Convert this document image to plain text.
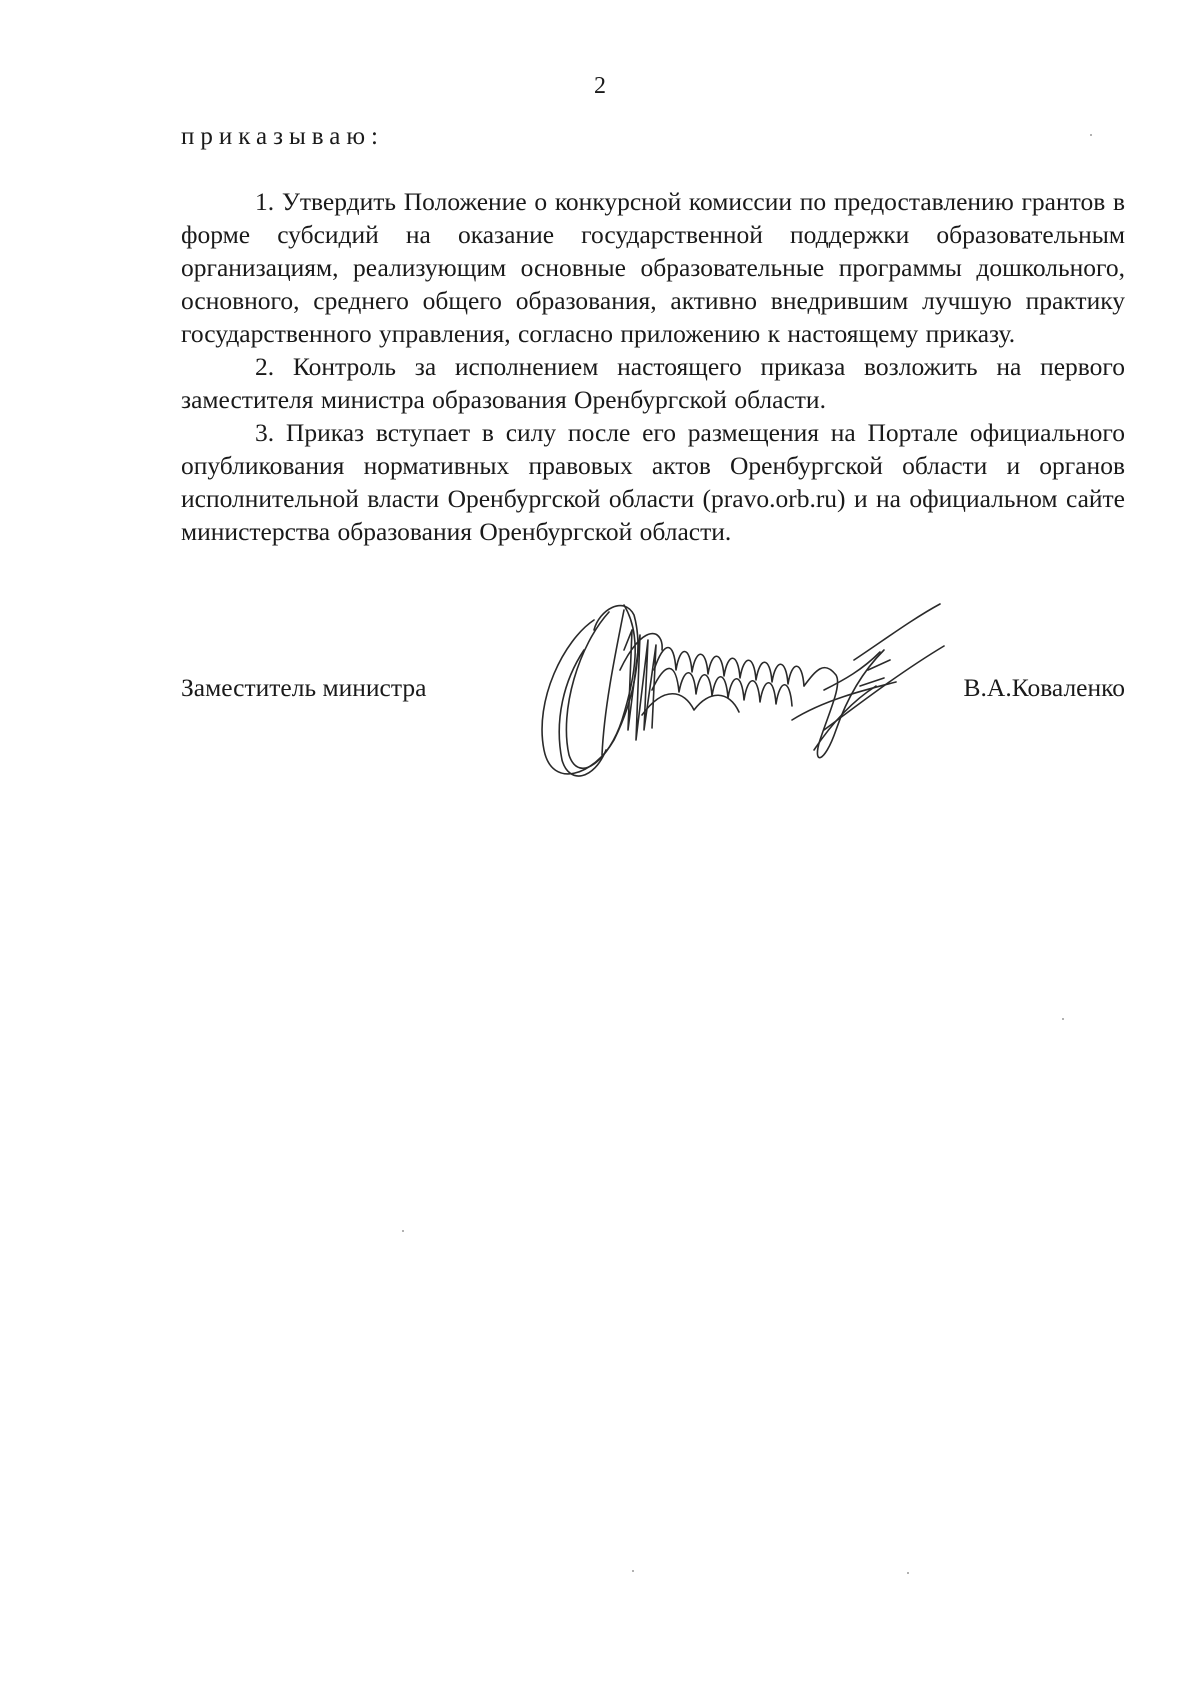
2
приказываю:

1. Утвердить Положение о конкурсной комиссии по предоставлению грантов в форме субсидий на оказание государственной поддержки образовательным организациям, реализующим основные образовательные программы дошкольного, основного, среднего общего образования, активно внедрившим лучшую практику государственного управления, согласно приложению к настоящему приказу.

2. Контроль за исполнением настоящего приказа возложить на первого заместителя министра образования Оренбургской области.

3. Приказ вступает в силу после его размещения на Портале официального опубликования нормативных правовых актов Оренбургской области и органов исполнительной власти Оренбургской области (pravo.orb.ru) и на официальном сайте министерства образования Оренбургской области.

Заместитель министра	В.А.Коваленко
